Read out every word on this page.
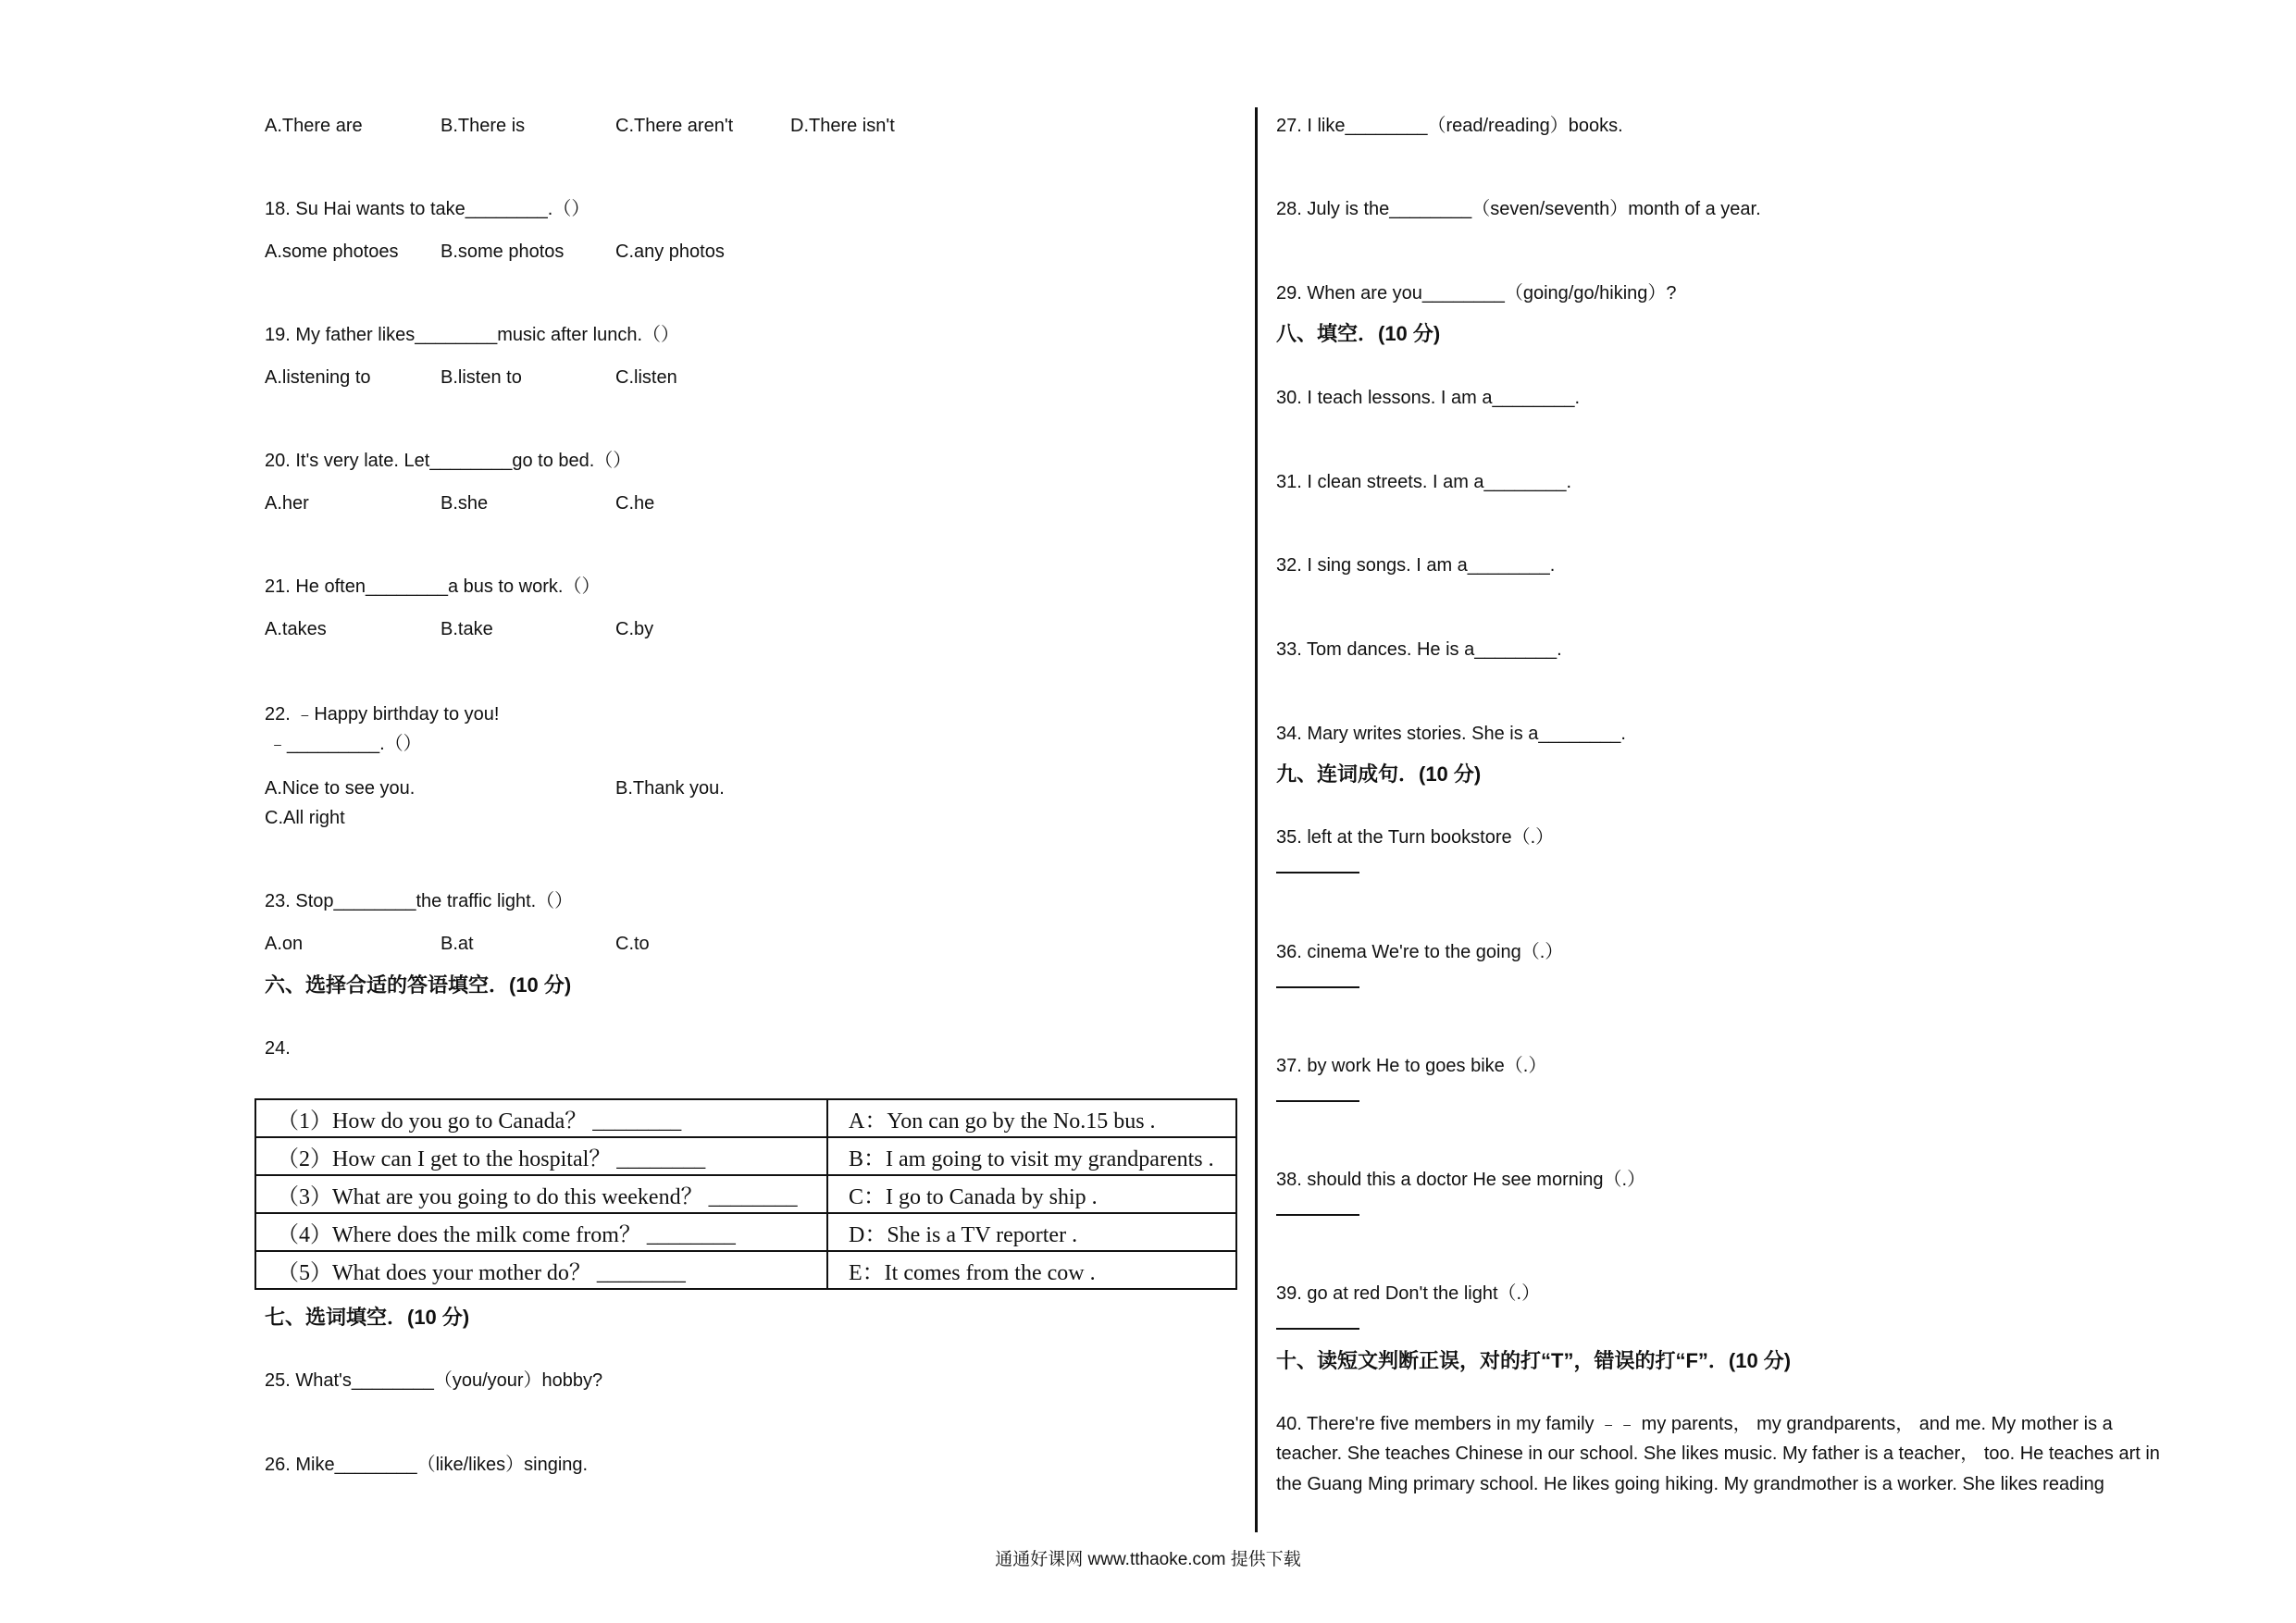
A.There are	B.There is	C.There aren't	D.There isn't
18. Su Hai wants to take________.（）
A.some photoes B.some photos	C.any photos
19. My father likes________music after lunch.（）
A.listening to	B.listen to	C.listen
20. It's very late. Let________go to bed.（）
A.her	B.she	C.he
21. He often________a bus to work.（）
A.takes	B.take	C.by
22. ﹣Happy birthday to you!
﹣_________.（）
A.Nice to see you.	B.Thank you.
C.All right
23. Stop________the traffic light.（）
A.on	B.at	C.to
六、选择合适的答语填空．(10 分)
24.
（1）How do you go to Canada？ ________	A：Yon can go by the No.15 bus .
（2）How can I get to the hospital？ ________	B：I am going to visit my grandparents .
（3）What are you going to do this weekend？ ________	C：I go to Canada by ship .
（4）Where does the milk come from？ ________	D：She is a TV reporter .
（5）What does your mother do？ ________	E：It comes from the cow .
七、选词填空．(10 分)
25. What's________（you/your）hobby?
26. Mike________（like/likes）singing.
27. I like________（read/reading）books.
28. July is the________（seven/seventh）month of a year.
29. When are you________（going/go/hiking）?
八、填空．(10 分)
30. I teach lessons. I am a________.
31. I clean streets. I am a________.
32. I sing songs. I am a________.
33. Tom dances. He is a________.
34. Mary writes stories. She is a________.
九、连词成句．(10 分)
35. left at the Turn bookstore（.）
36. cinema We're to the going（.）
37. by work He to goes bike（.）
38. should this a doctor He see morning（.）
39. go at red Don't the light（.）
十、读短文判断正误，对的打“T”，错误的打“F”．(10 分)
40. There're five members in my family ﹣﹣ my parents， my grandparents， and me. My mother is a
teacher. She teaches Chinese in our school. She likes music. My father is a teacher， too. He teaches art in
the Guang Ming primary school. He likes going hiking. My grandmother is a worker. She likes reading
通通好课网 www.tthaoke.com 提供下载
